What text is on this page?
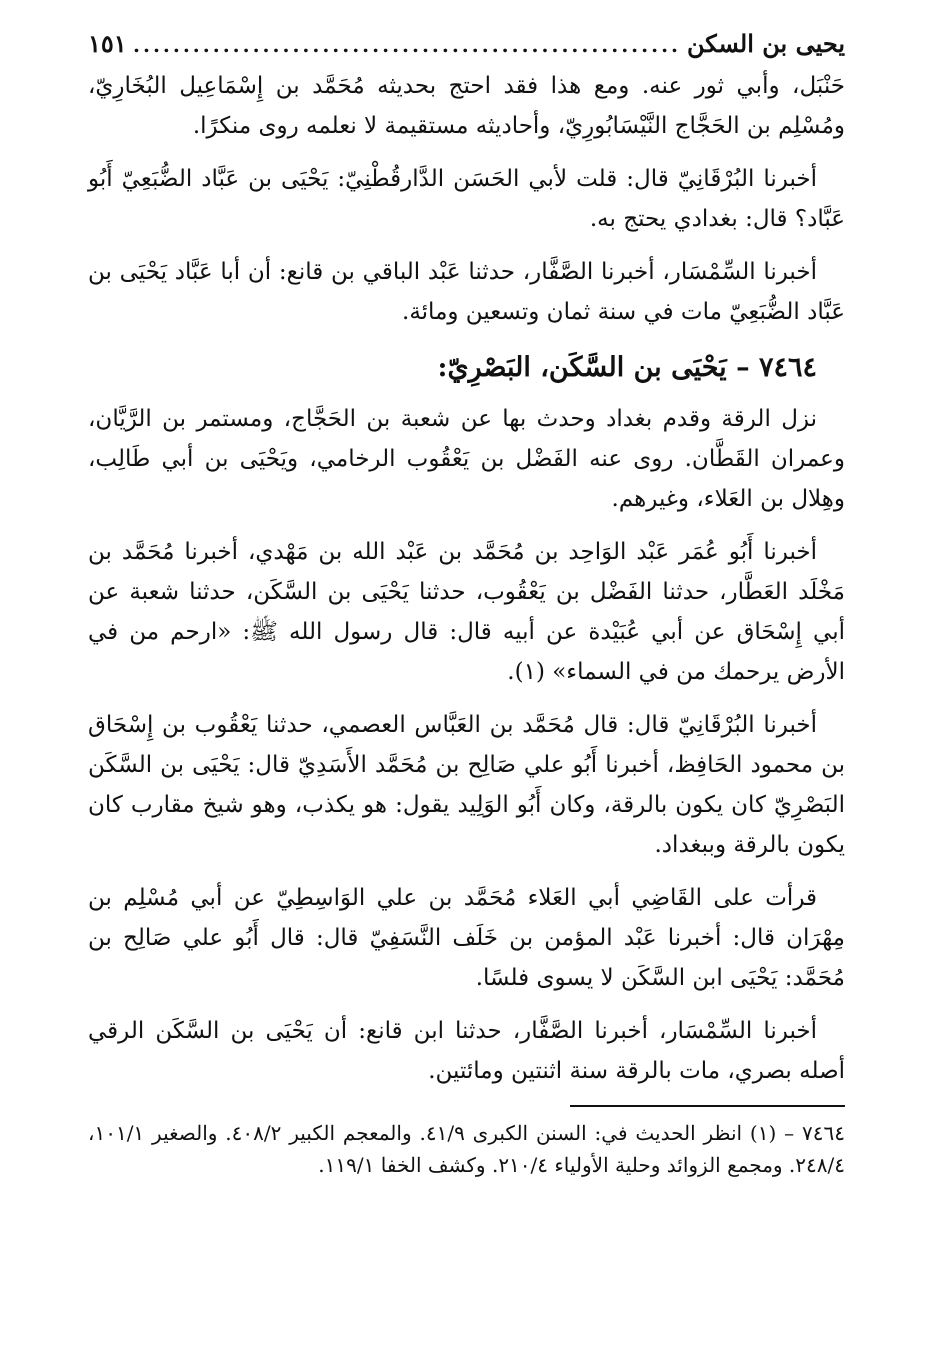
يحيى بن السكن
.....
١٥١

حَنْبَل، وأبي ثور عنه. ومع هذا فقد احتج بحديثه مُحَمَّد بن إِسْمَاعِيل البُخَارِيّ، ومُسْلِم بن الحَجَّاج النَّيْسَابُورِيّ، وأحاديثه مستقيمة لا نعلمه روى منكرًا.

أخبرنا البُرْقَانِيّ قال: قلت لأبي الحَسَن الدَّارقُطْنِيّ: يَحْيَى بن عَبَّاد الضُّبَعِيّ أَبُو عَبَّاد؟ قال: بغدادي يحتج به.

أخبرنا السِّمْسَار، أخبرنا الصَّفَّار، حدثنا عَبْد الباقي بن قانع: أن أبا عَبَّاد يَحْيَى بن عَبَّاد الضُّبَعِيّ مات في سنة ثمان وتسعين ومائة.

٧٤٦٤ – يَحْيَى بن السَّكَن، البَصْرِيّ:

نزل الرقة وقدم بغداد وحدث بها عن شعبة بن الحَجَّاج، ومستمر بن الرَّيَّان، وعمران القَطَّان. روى عنه الفَضْل بن يَعْقُوب الرخامي، ويَحْيَى بن أبي طَالِب، وهِلال بن العَلاء، وغيرهم.

أخبرنا أَبُو عُمَر عَبْد الوَاحِد بن مُحَمَّد بن عَبْد الله بن مَهْدي، أخبرنا مُحَمَّد بن مَخْلَد العَطَّار، حدثنا الفَضْل بن يَعْقُوب، حدثنا يَحْيَى بن السَّكَن، حدثنا شعبة عن أبي إِسْحَاق عن أبي عُبَيْدة عن أبيه قال: قال رسول الله ﷺ: «ارحم من في الأرض يرحمك من في السماء» (١).

أخبرنا البُرْقَانِيّ قال: قال مُحَمَّد بن العَبَّاس العصمي، حدثنا يَعْقُوب بن إِسْحَاق بن محمود الحَافِظ، أخبرنا أَبُو علي صَالِح بن مُحَمَّد الأَسَدِيّ قال: يَحْيَى بن السَّكَن البَصْرِيّ كان يكون بالرقة، وكان أَبُو الوَلِيد يقول: هو يكذب، وهو شيخ مقارب كان يكون بالرقة وببغداد.

قرأت على القَاضِي أبي العَلاء مُحَمَّد بن علي الوَاسِطِيّ عن أبي مُسْلِم بن مِهْرَان قال: أخبرنا عَبْد المؤمن بن خَلَف النَّسَفِيّ قال: قال أَبُو علي صَالِح بن مُحَمَّد: يَحْيَى ابن السَّكَن لا يسوى فلسًا.

أخبرنا السِّمْسَار، أخبرنا الصَّفَّار، حدثنا ابن قانع: أن يَحْيَى بن السَّكَن الرقي أصله بصري، مات بالرقة سنة اثنتين ومائتين.

٧٤٦٤ – (١) انظر الحديث في: السنن الكبرى ٤١/٩. والمعجم الكبير ٤٠٨/٢. والصغير ١٠١/١، ٢٤٨/٤. ومجمع الزوائد وحلية الأولياء ٢١٠/٤. وكشف الخفا ١١٩/١.
